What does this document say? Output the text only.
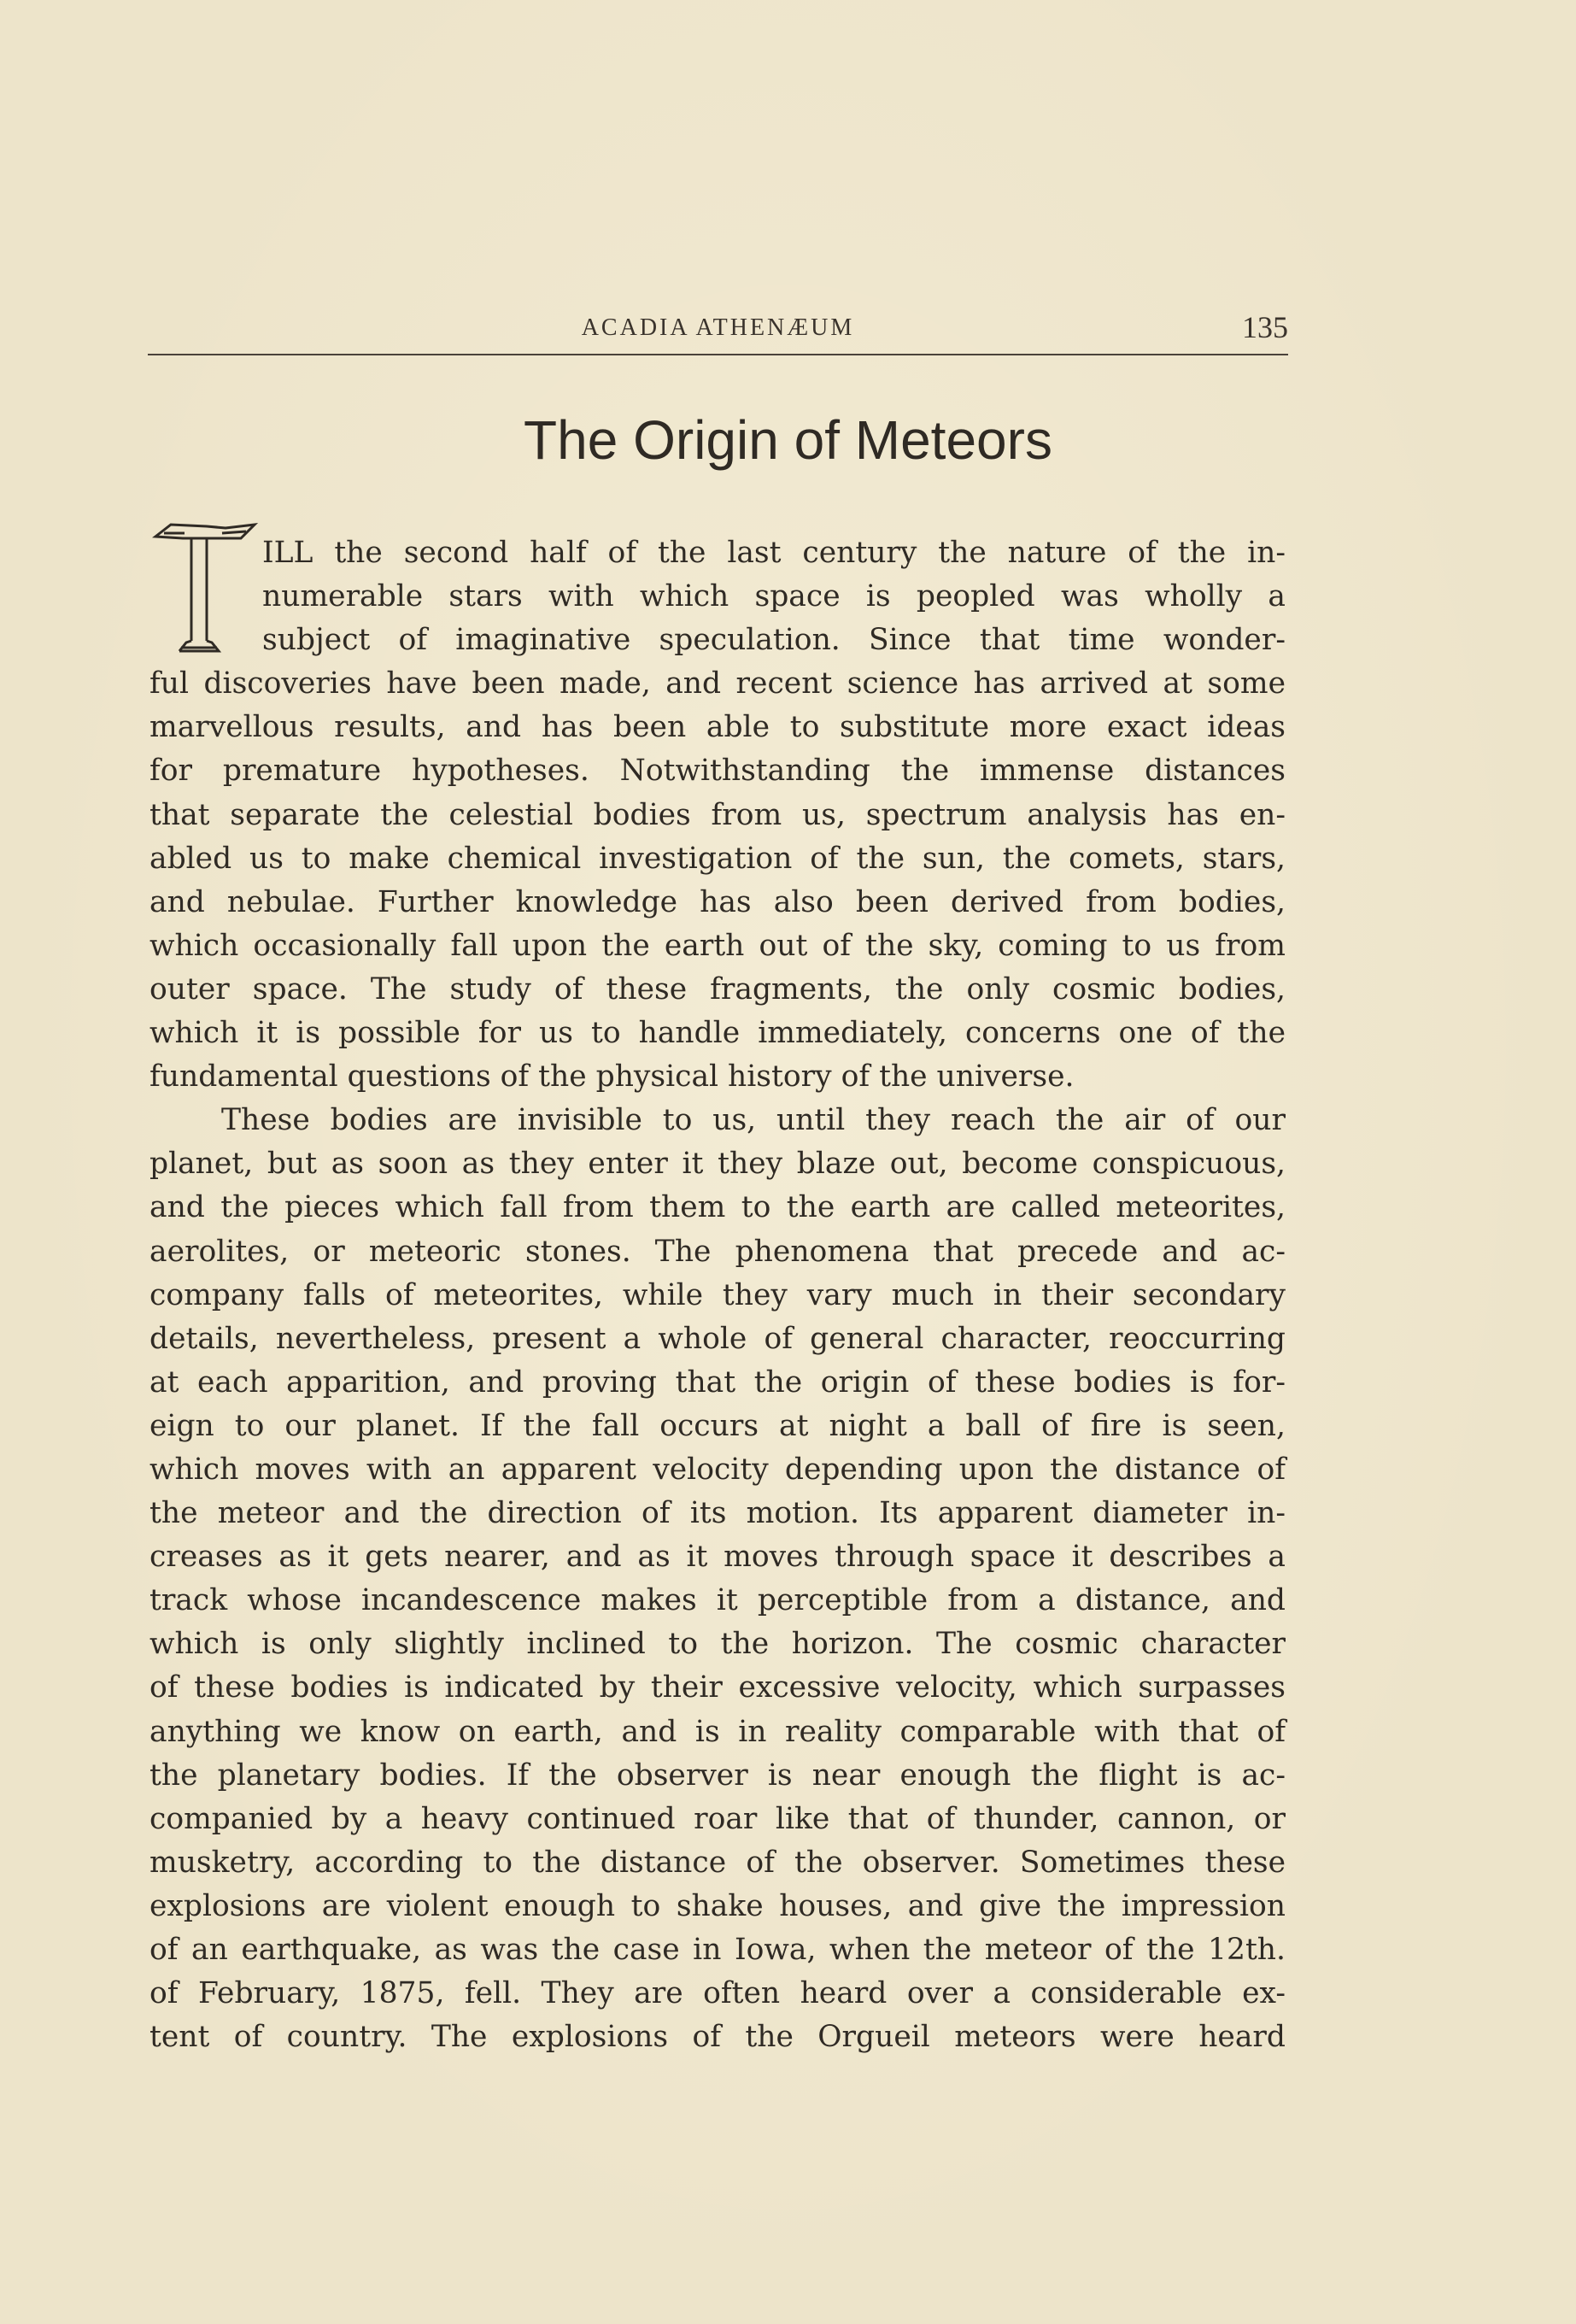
ACADIA ATHENÆUM	135
The Origin of Meteors
ILL the second half of the last century the nature of the in-
numerable stars with which space is peopled was wholly a
subject of imaginative speculation. Since that time wonder-
ful discoveries have been made, and recent science has arrived at some
marvellous results, and has been able to substitute more exact ideas
for premature hypotheses. Notwithstanding the immense distances
that separate the celestial bodies from us, spectrum analysis has en-
abled us to make chemical investigation of the sun, the comets, stars,
and nebulae. Further knowledge has also been derived from bodies,
which occasionally fall upon the earth out of the sky, coming to us from
outer space. The study of these fragments, the only cosmic bodies,
which it is possible for us to handle immediately, concerns one of the
fundamental questions of the physical history of the universe.
These bodies are invisible to us, until they reach the air of our
planet, but as soon as they enter it they blaze out, become conspicuous,
and the pieces which fall from them to the earth are called meteorites,
aerolites, or meteoric stones. The phenomena that precede and ac-
company falls of meteorites, while they vary much in their secondary
details, nevertheless, present a whole of general character, reoccurring
at each apparition, and proving that the origin of these bodies is for-
eign to our planet. If the fall occurs at night a ball of fire is seen,
which moves with an apparent velocity depending upon the distance of
the meteor and the direction of its motion. Its apparent diameter in-
creases as it gets nearer, and as it moves through space it describes a
track whose incandescence makes it perceptible from a distance, and
which is only slightly inclined to the horizon. The cosmic character
of these bodies is indicated by their excessive velocity, which surpasses
anything we know on earth, and is in reality comparable with that of
the planetary bodies. If the observer is near enough the flight is ac-
companied by a heavy continued roar like that of thunder, cannon, or
musketry, according to the distance of the observer. Sometimes these
explosions are violent enough to shake houses, and give the impression
of an earthquake, as was the case in Iowa, when the meteor of the 12th.
of February, 1875, fell. They are often heard over a considerable ex-
tent of country. The explosions of the Orgueil meteors were heard
